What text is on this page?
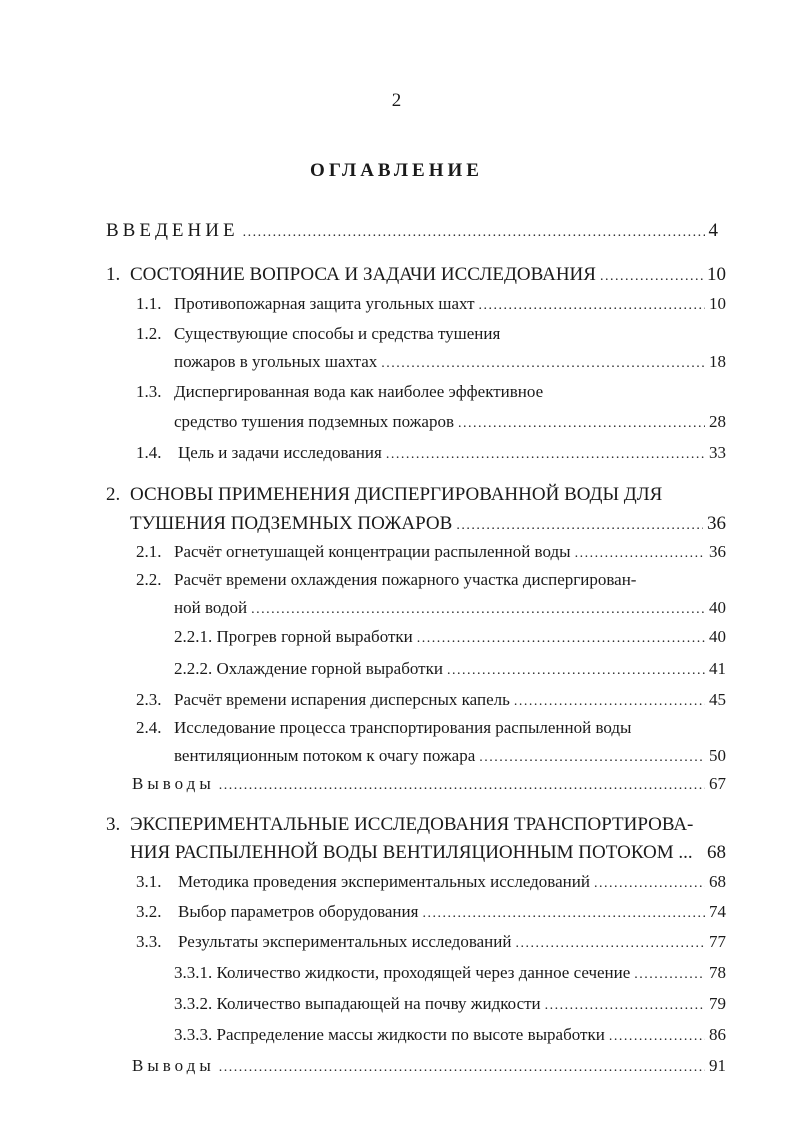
2
ОГЛАВЛЕНИЕ
ВВЕДЕНИЕ . . .	4
1. СОСТОЯНИЕ ВОПРОСА И ЗАДАЧИ ИССЛЕДОВАНИЯ . . .	10
1.1. Противопожарная защита угольных шахт . . .	10
1.2. Существующие способы и средства тушения
пожаров в угольных шахтах . . .	18
1.3. Диспергированная вода как наиболее эффективное
средство тушения подземных пожаров . . .	28
1.4. Цель и задачи исследования . . .	33
2. ОСНОВЫ ПРИМЕНЕНИЯ ДИСПЕРГИРОВАННОЙ ВОДЫ ДЛЯ
ТУШЕНИЯ ПОДЗЕМНЫХ ПОЖАРОВ . . .	36
2.1. Расчёт огнетушащей концентрации распыленной воды . . .	36
2.2. Расчёт времени охлаждения пожарного участка диспергирован-
ной водой . . .	40
2.2.1. Прогрев горной выработки . . .	40
2.2.2. Охлаждение горной выработки . . .	41
2.3. Расчёт времени испарения дисперсных капель . . .	45
2.4. Исследование процесса транспортирования распыленной воды
вентиляционным потоком к очагу пожара . . .	50
Выводы . . .	67
3. ЭКСПЕРИМЕНТАЛЬНЫЕ ИССЛЕДОВАНИЯ ТРАНСПОРТИРОВА-
НИЯ РАСПЫЛЕННОЙ ВОДЫ ВЕНТИЛЯЦИОННЫМ ПОТОКОМ ... 68
3.1. Методика проведения экспериментальных исследований . . .	68
3.2. Выбор параметров оборудования . . .	74
3.3. Результаты экспериментальных исследований . . .	77
3.3.1. Количество жидкости, проходящей через данное сечение . . .	78
3.3.2. Количество выпадающей на почву жидкости . . .	79
3.3.3. Распределение массы жидкости по высоте выработки . . .	86
Выводы . . .	91
